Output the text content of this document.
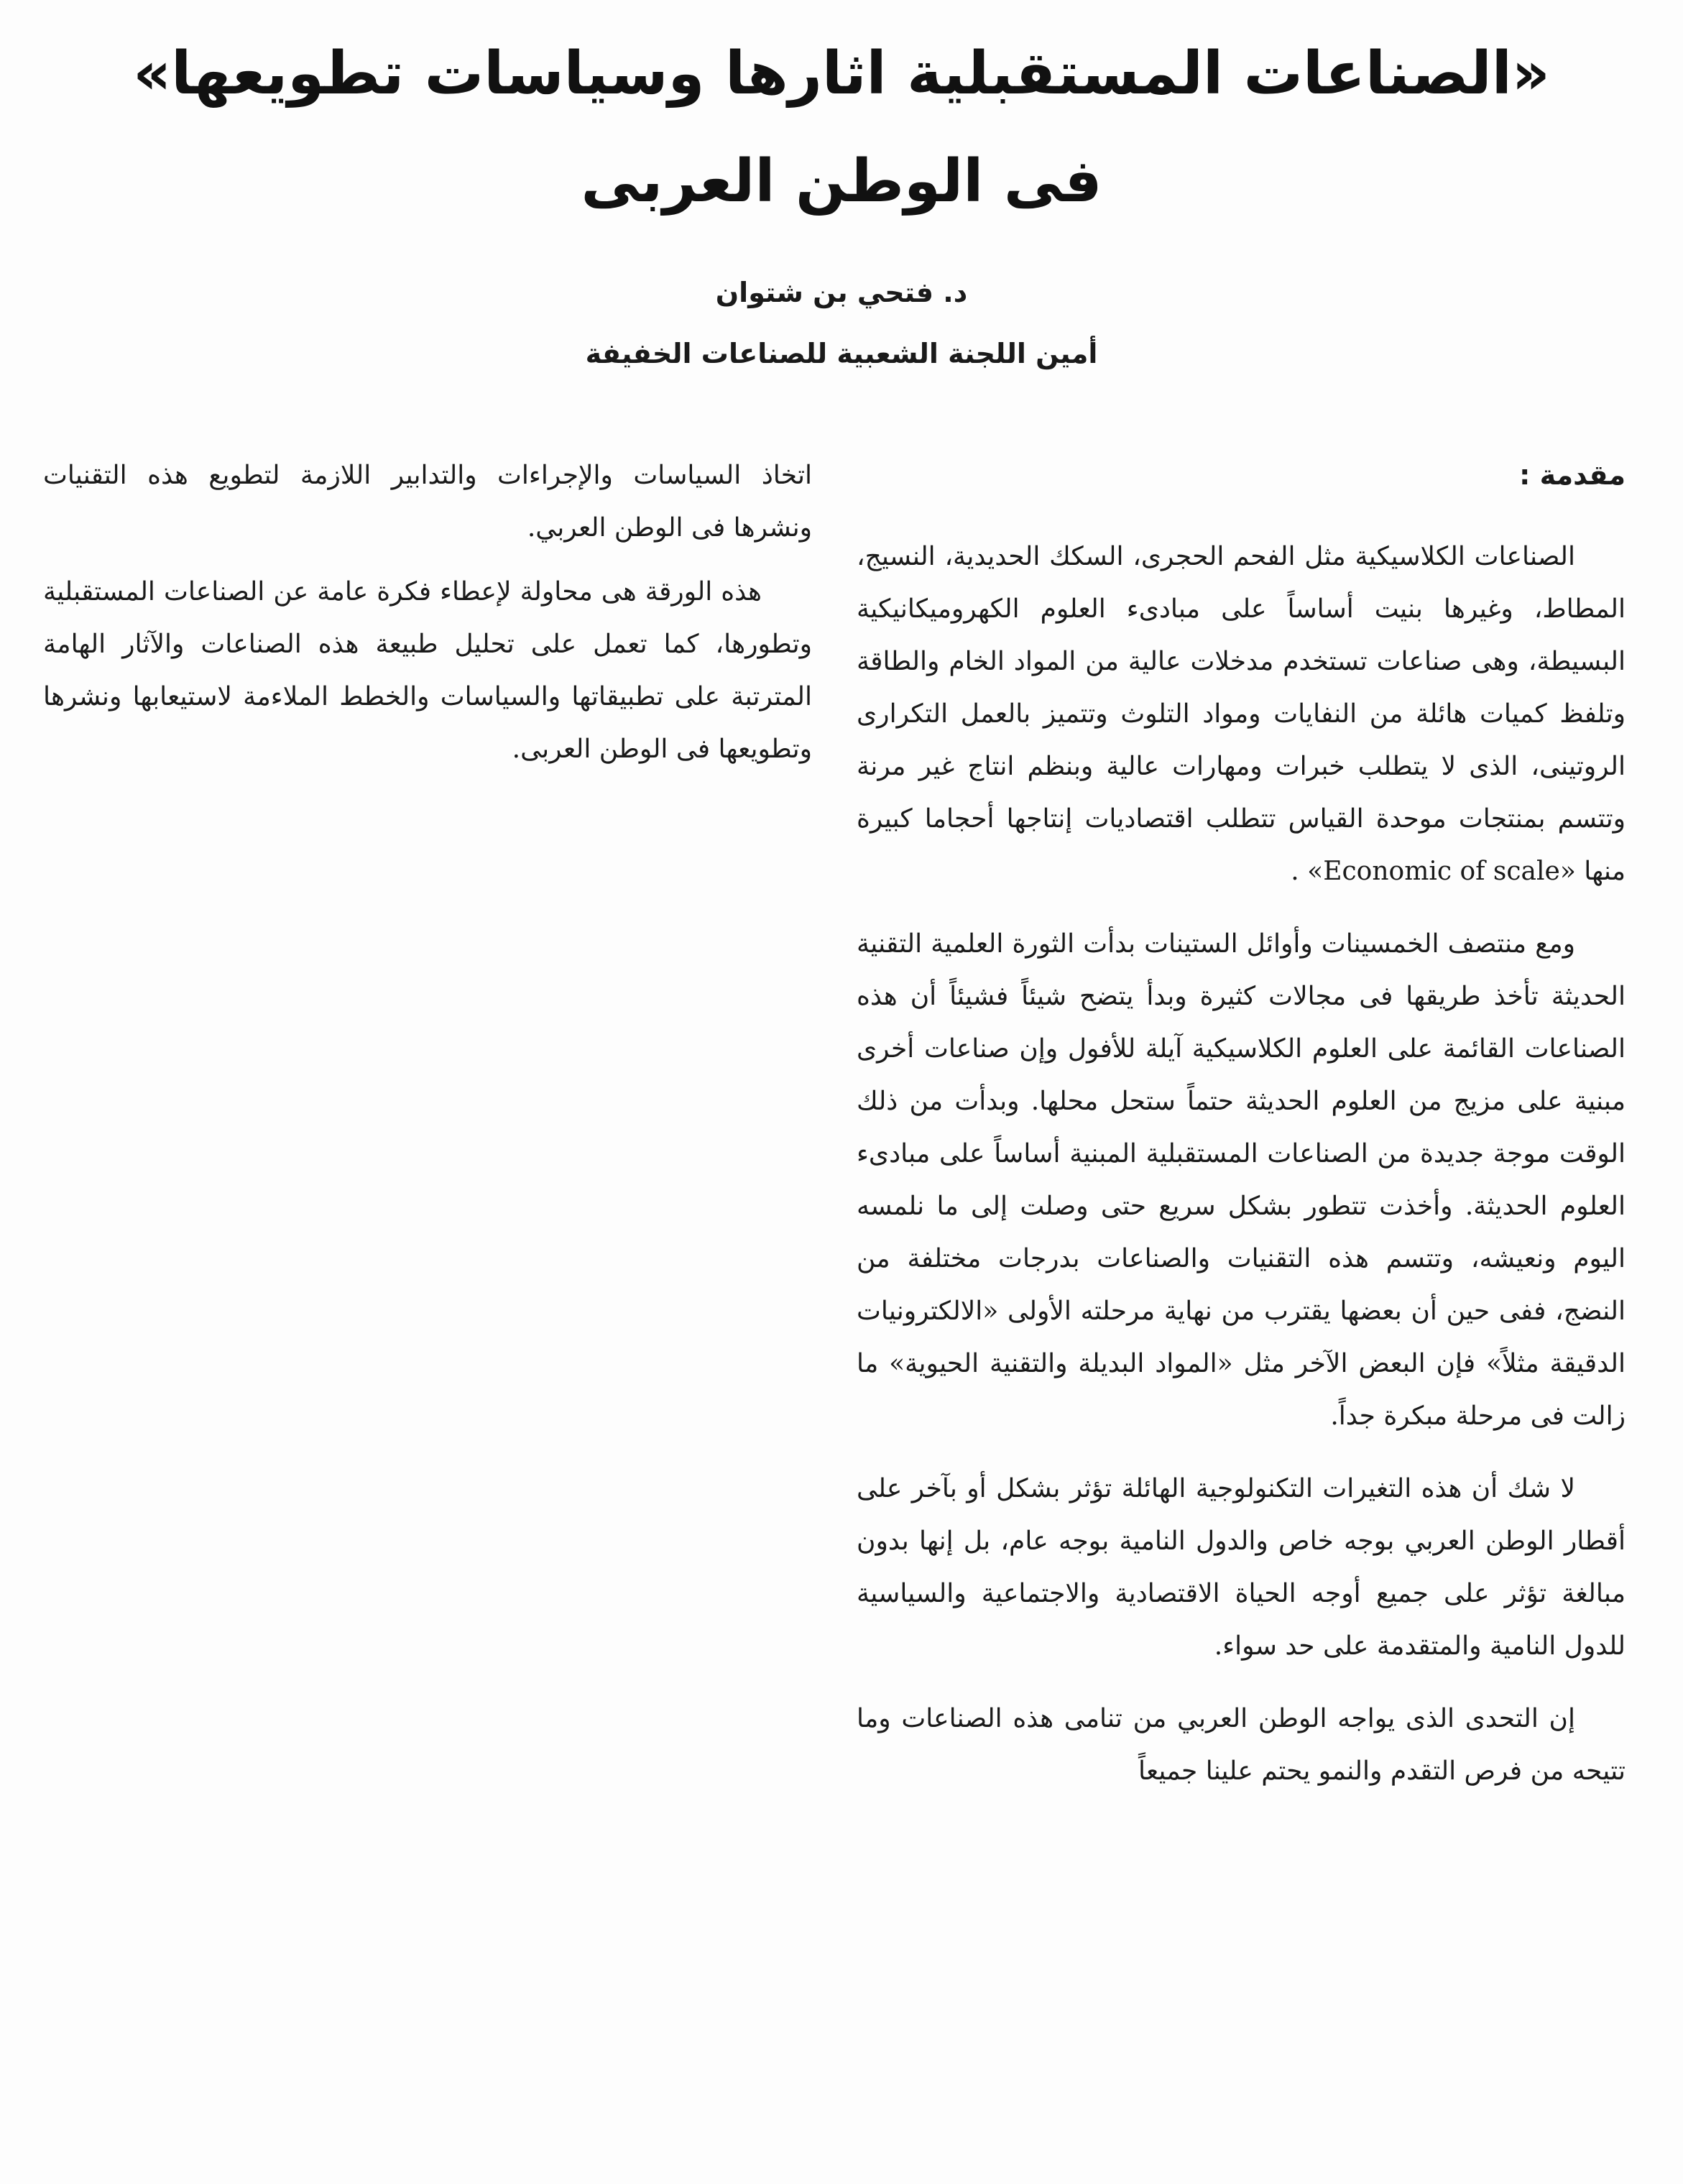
«الصناعات المستقبلية اثارها وسياسات تطويعها»
فى الوطن العربى
د. فتحي بن شتوان
أمين اللجنة الشعبية للصناعات الخفيفة
مقدمة :

الصناعات الكلاسيكية مثل الفحم الحجرى، السكك الحديدية، النسيج، المطاط، وغيرها بنيت أساساً على مبادىء العلوم الكهروميكانيكية البسيطة، وهى صناعات تستخدم مدخلات عالية من المواد الخام والطاقة وتلفظ كميات هائلة من النفايات ومواد التلوث وتتميز بالعمل التكرارى الروتينى، الذى لا يتطلب خبرات ومهارات عالية وبنظم انتاج غير مرنة وتتسم بمنتجات موحدة القياس تتطلب اقتصاديات إنتاجها أحجاما كبيرة منها «Economic of scale» .

ومع منتصف الخمسينات وأوائل الستينات بدأت الثورة العلمية التقنية الحديثة تأخذ طريقها فى مجالات كثيرة وبدأ يتضح شيئاً فشيئاً أن هذه الصناعات القائمة على العلوم الكلاسيكية آيلة للأفول وإن صناعات أخرى مبنية على مزيج من العلوم الحديثة حتماً ستحل محلها. وبدأت من ذلك الوقت موجة جديدة من الصناعات المستقبلية المبنية أساساً على مبادىء العلوم الحديثة. وأخذت تتطور بشكل سريع حتى وصلت إلى ما نلمسه اليوم ونعيشه، وتتسم هذه التقنيات والصناعات بدرجات مختلفة من النضج، ففى حين أن بعضها يقترب من نهاية مرحلته الأولى «الالكترونيات الدقيقة مثلاً» فإن البعض الآخر مثل «المواد البديلة والتقنية الحيوية» ما زالت فى مرحلة مبكرة جداً.

لا شك أن هذه التغيرات التكنولوجية الهائلة تؤثر بشكل أو بآخر على أقطار الوطن العربي بوجه خاص والدول النامية بوجه عام، بل إنها بدون مبالغة تؤثر على جميع أوجه الحياة الاقتصادية والاجتماعية والسياسية للدول النامية والمتقدمة على حد سواء.

إن التحدى الذى يواجه الوطن العربي من تنامى هذه الصناعات وما تتيحه من فرص التقدم والنمو يحتم علينا جميعاً

اتخاذ السياسات والإجراءات والتدابير اللازمة لتطويع هذه التقنيات ونشرها فى الوطن العربي.

هذه الورقة هى محاولة لإعطاء فكرة عامة عن الصناعات المستقبلية وتطورها، كما تعمل على تحليل طبيعة هذه الصناعات والآثار الهامة المترتبة على تطبيقاتها والسياسات والخطط الملاءمة لاستيعابها ونشرها وتطويعها فى الوطن العربى.
